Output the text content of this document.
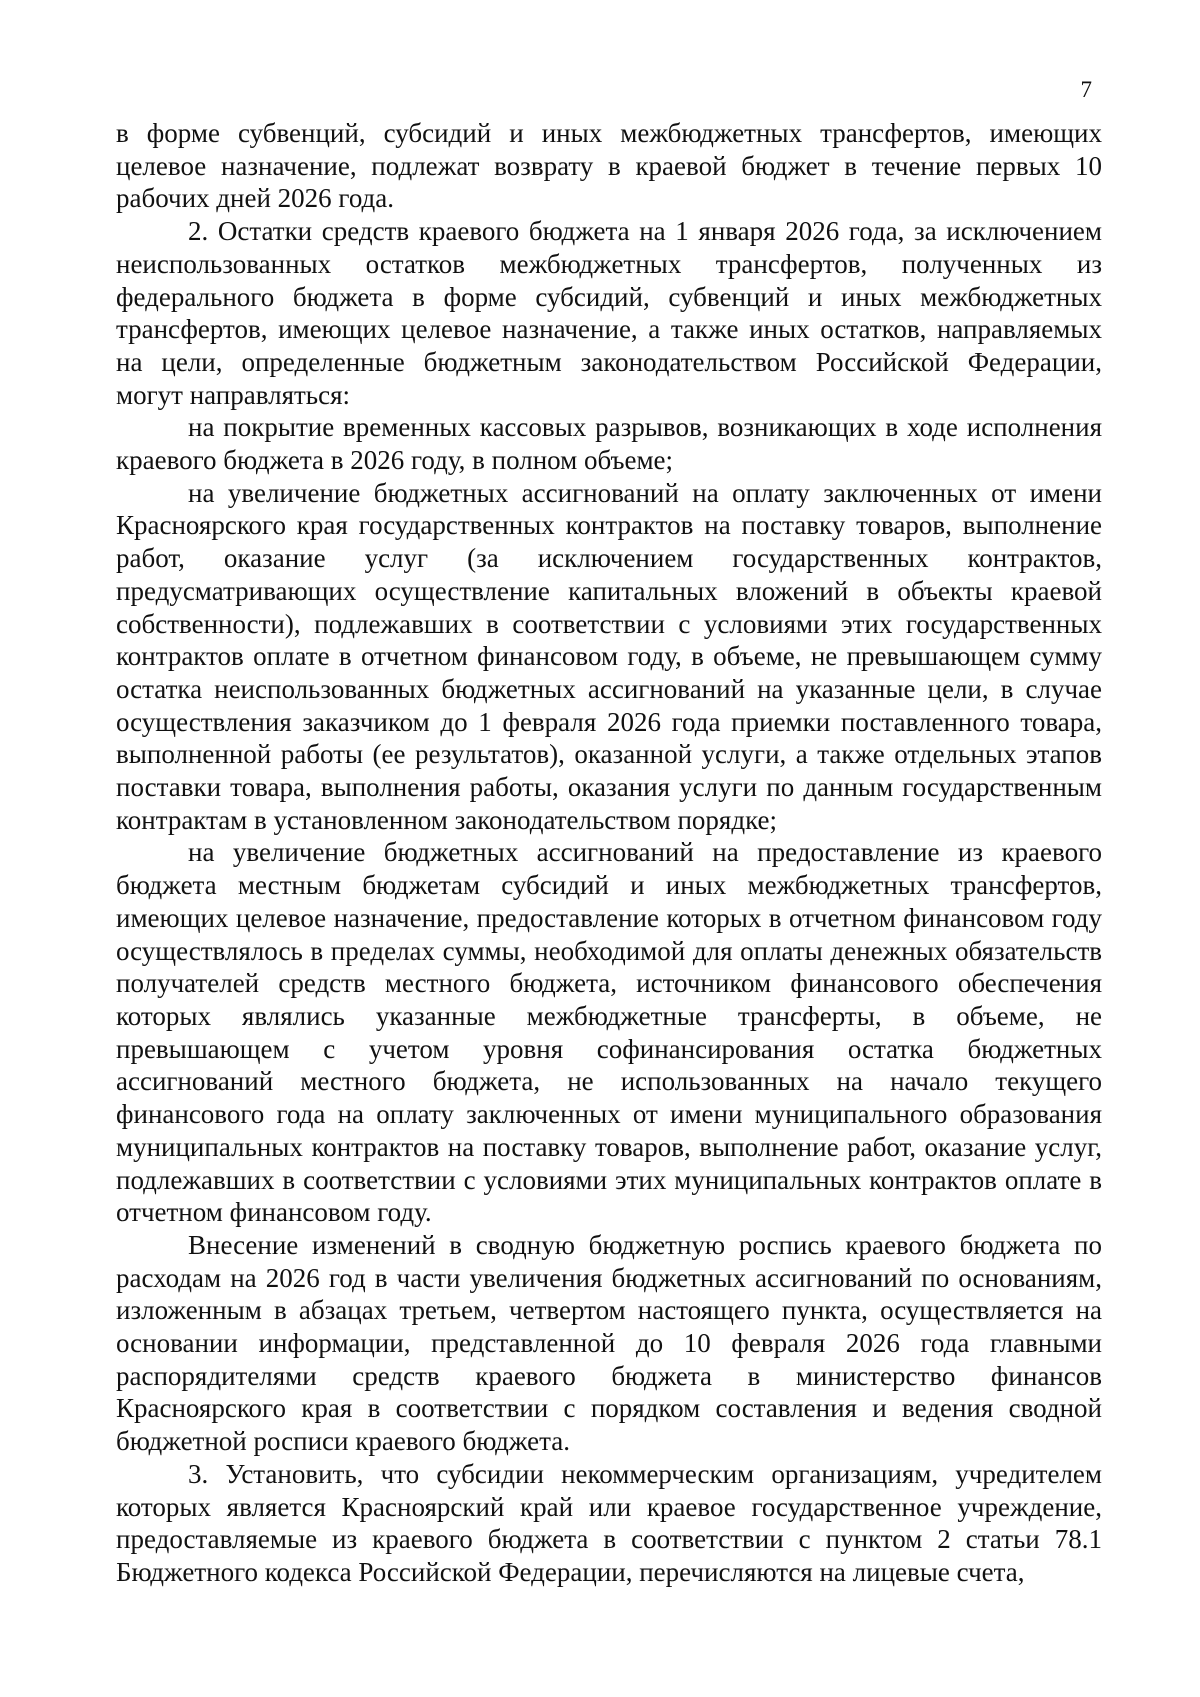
7

в форме субвенций, субсидий и иных межбюджетных трансфертов, имеющих целевое назначение, подлежат возврату в краевой бюджет в течение первых 10 рабочих дней 2026 года.

2. Остатки средств краевого бюджета на 1 января 2026 года, за исключением неиспользованных остатков межбюджетных трансфертов, полученных из федерального бюджета в форме субсидий, субвенций и иных межбюджетных трансфертов, имеющих целевое назначение, а также иных остатков, направляемых на цели, определенные бюджетным законодательством Российской Федерации, могут направляться:

на покрытие временных кассовых разрывов, возникающих в ходе исполнения краевого бюджета в 2026 году, в полном объеме;

на увеличение бюджетных ассигнований на оплату заключенных от имени Красноярского края государственных контрактов на поставку товаров, выполнение работ, оказание услуг (за исключением государственных контрактов, предусматривающих осуществление капитальных вложений в объекты краевой собственности), подлежавших в соответствии с условиями этих государственных контрактов оплате в отчетном финансовом году, в объеме, не превышающем сумму остатка неиспользованных бюджетных ассигнований на указанные цели, в случае осуществления заказчиком до 1 февраля 2026 года приемки поставленного товара, выполненной работы (ее результатов), оказанной услуги, а также отдельных этапов поставки товара, выполнения работы, оказания услуги по данным государственным контрактам в установленном законодательством порядке;

на увеличение бюджетных ассигнований на предоставление из краевого бюджета местным бюджетам субсидий и иных межбюджетных трансфертов, имеющих целевое назначение, предоставление которых в отчетном финансовом году осуществлялось в пределах суммы, необходимой для оплаты денежных обязательств получателей средств местного бюджета, источником финансового обеспечения которых являлись указанные межбюджетные трансферты, в объеме, не превышающем с учетом уровня софинансирования остатка бюджетных ассигнований местного бюджета, не использованных на начало текущего финансового года на оплату заключенных от имени муниципального образования муниципальных контрактов на поставку товаров, выполнение работ, оказание услуг, подлежавших в соответствии с условиями этих муниципальных контрактов оплате в отчетном финансовом году.

Внесение изменений в сводную бюджетную роспись краевого бюджета по расходам на 2026 год в части увеличения бюджетных ассигнований по основаниям, изложенным в абзацах третьем, четвертом настоящего пункта, осуществляется на основании информации, представленной до 10 февраля 2026 года главными распорядителями средств краевого бюджета в министерство финансов Красноярского края в соответствии с порядком составления и ведения сводной бюджетной росписи краевого бюджета.

3. Установить, что субсидии некоммерческим организациям, учредителем которых является Красноярский край или краевое государственное учреждение, предоставляемые из краевого бюджета в соответствии с пунктом 2 статьи 78.1 Бюджетного кодекса Российской Федерации, перечисляются на лицевые счета,
